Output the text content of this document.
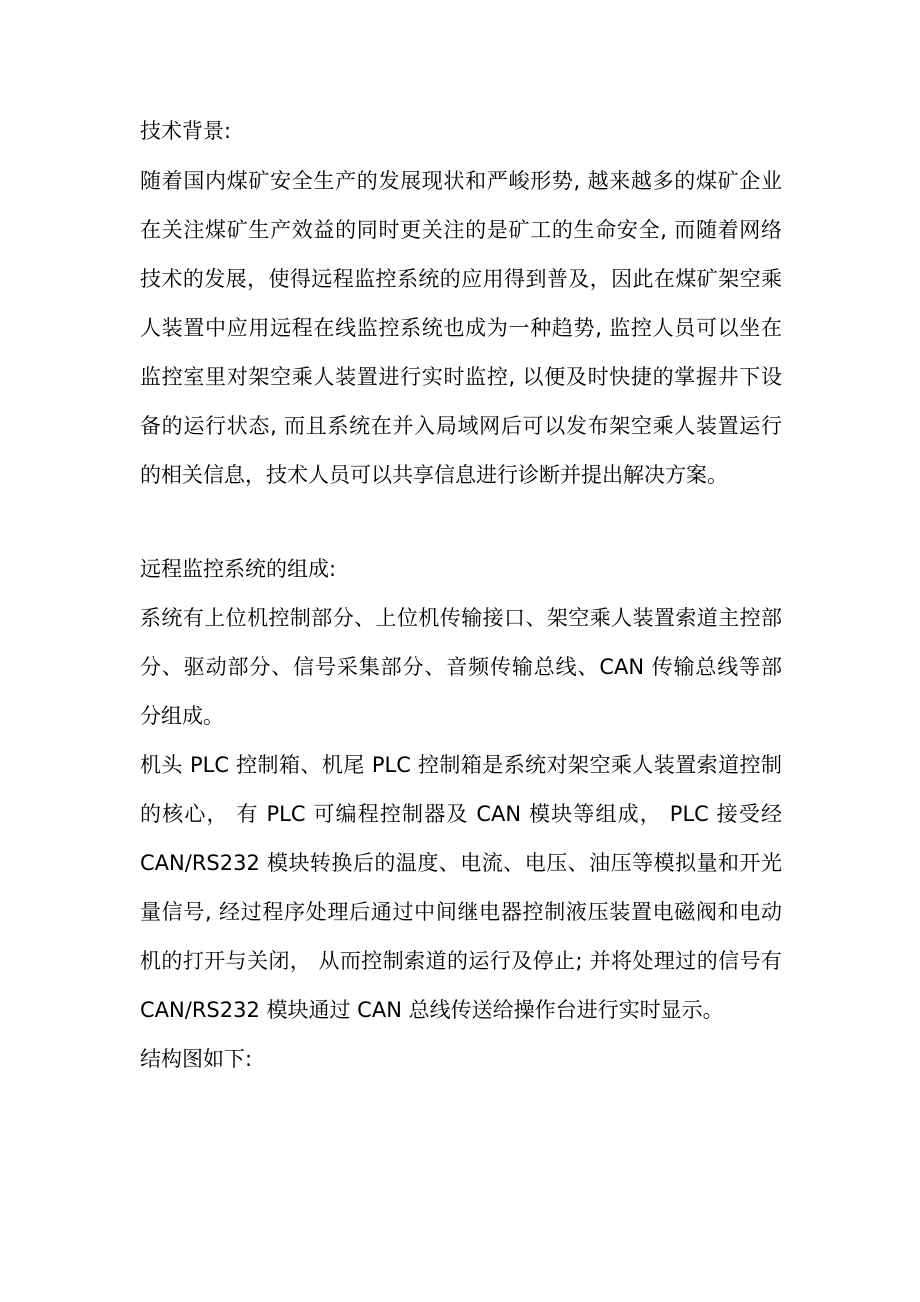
技术背景:
随着国内煤矿安全生产的发展现状和严峻形势, 越来越多的煤矿企业
在关注煤矿生产效益的同时更关注的是矿工的生命安全, 而随着网络
技术的发展，使得远程监控系统的应用得到普及，因此在煤矿架空乘
人装置中应用远程在线监控系统也成为一种趋势, 监控人员可以坐在
监控室里对架空乘人装置进行实时监控, 以便及时快捷的掌握井下设
备的运行状态, 而且系统在并入局域网后可以发布架空乘人装置运行
的相关信息，技术人员可以共享信息进行诊断并提出解决方案。
远程监控系统的组成:
系统有上位机控制部分、上位机传输接口、架空乘人装置索道主控部
分、驱动部分、信号采集部分、音频传输总线、CAN 传输总线等部
分组成。
机头 PLC 控制箱、机尾 PLC 控制箱是系统对架空乘人装置索道控制
的核心， 有 PLC 可编程控制器及 CAN 模块等组成， PLC 接受经
CAN/RS232 模块转换后的温度、电流、电压、油压等模拟量和开光
量信号, 经过程序处理后通过中间继电器控制液压装置电磁阀和电动
机的打开与关闭， 从而控制索道的运行及停止; 并将处理过的信号有
CAN/RS232 模块通过 CAN 总线传送给操作台进行实时显示。
结构图如下:
